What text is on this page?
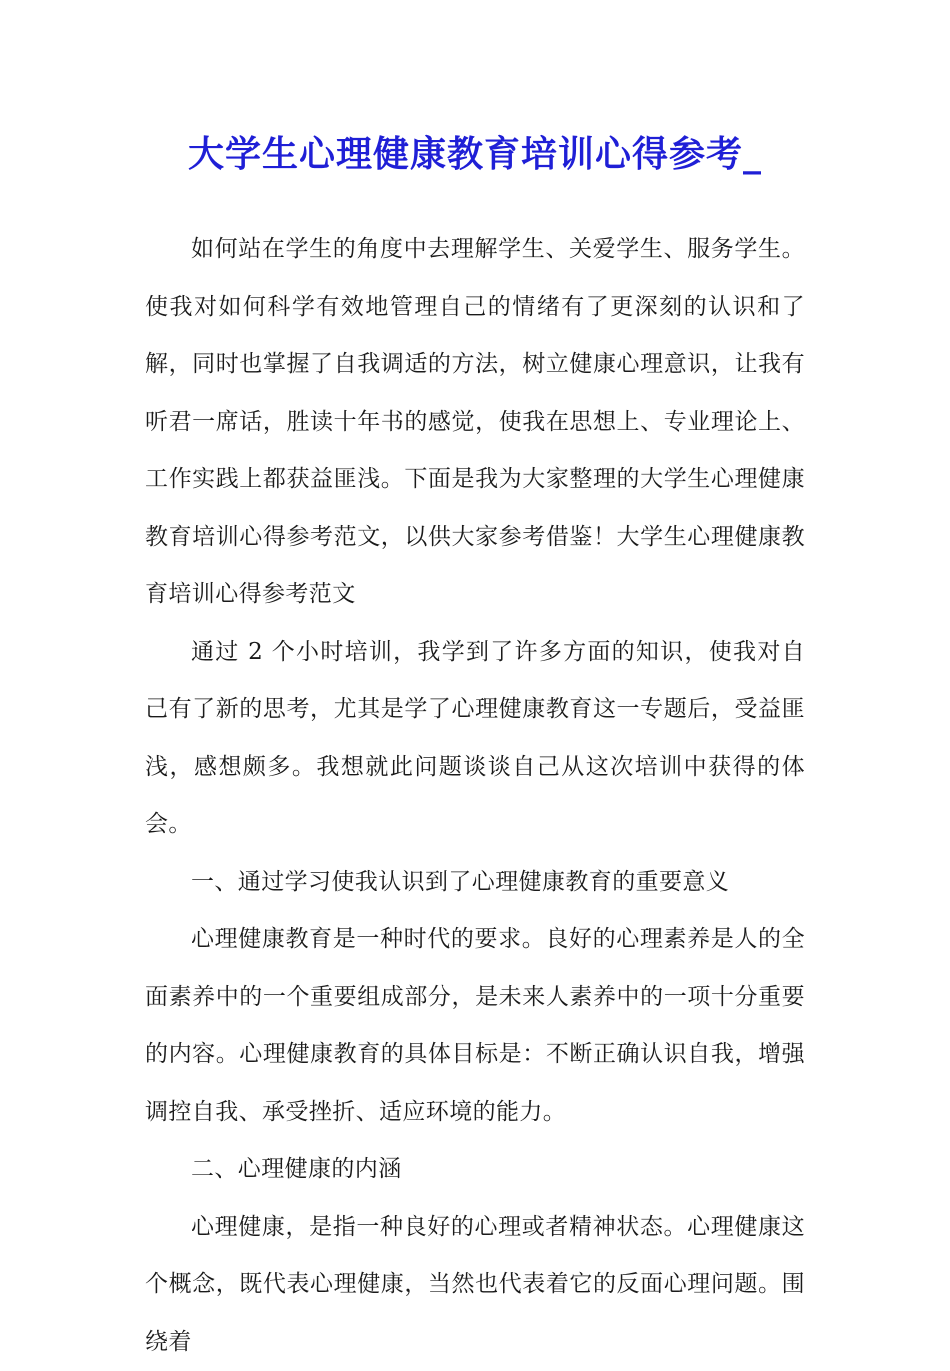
大学生心理健康教育培训心得参考_

如何站在学生的角度中去理解学生、关爱学生、服务学生。使我对如何科学有效地管理自己的情绪有了更深刻的认识和了解，同时也掌握了自我调适的方法，树立健康心理意识，让我有听君一席话，胜读十年书的感觉，使我在思想上、专业理论上、工作实践上都获益匪浅。下面是我为大家整理的大学生心理健康教育培训心得参考范文，以供大家参考借鉴！大学生心理健康教育培训心得参考范文

通过 2 个小时培训，我学到了许多方面的知识，使我对自己有了新的思考，尤其是学了心理健康教育这一专题后，受益匪浅，感想颇多。我想就此问题谈谈自己从这次培训中获得的体会。

一、通过学习使我认识到了心理健康教育的重要意义

心理健康教育是一种时代的要求。良好的心理素养是人的全面素养中的一个重要组成部分，是未来人素养中的一项十分重要的内容。心理健康教育的具体目标是：不断正确认识自我，增强调控自我、承受挫折、适应环境的能力。

二、心理健康的内涵

心理健康，是指一种良好的心理或者精神状态。心理健康这个概念，既代表心理健康，当然也代表着它的反面心理问题。围绕着
